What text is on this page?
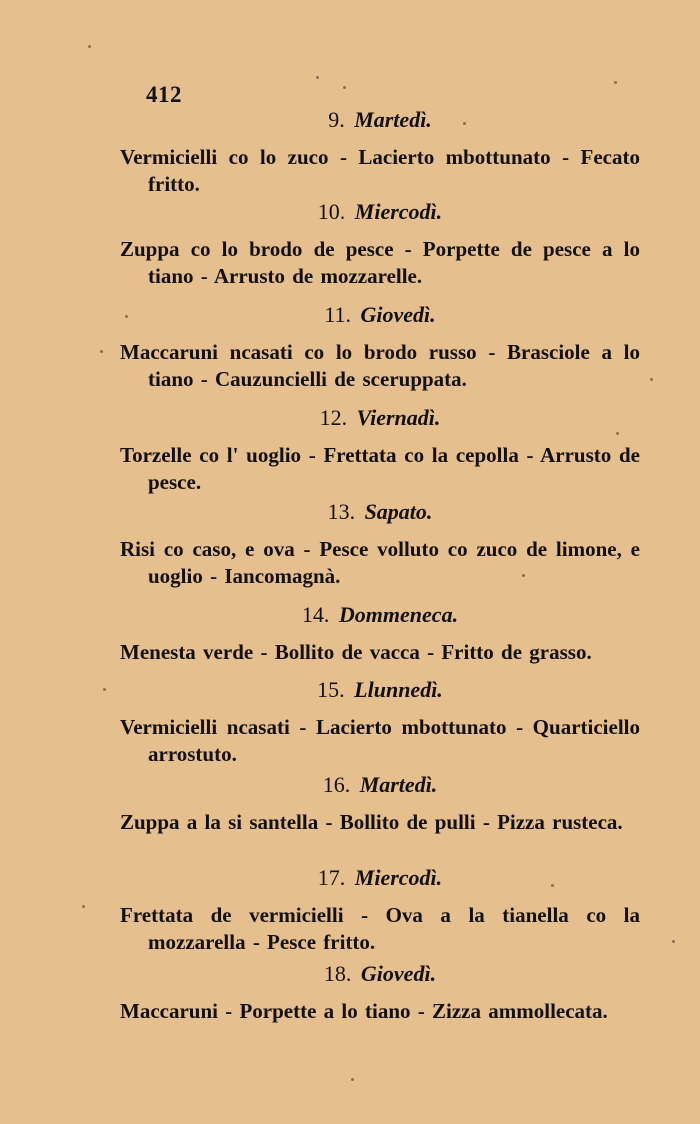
412
9. Martedì.

Vermicielli co lo zuco - Lacierto mbottunato - Fecato fritto.

10. Miercodì.

Zuppa co lo brodo de pesce - Porpette de pesce a lo tiano - Arrusto de mozzarelle.

11. Giovedì.

Maccaruni ncasati co lo brodo russo - Brasciole a lo tiano - Cauzuncielli de sceruppata.

12. Viernadì.

Torzelle co l' uoglio - Frettata co la cepolla - Arrusto de pesce.

13. Sapato.

Risi co caso, e ova - Pesce volluto co zuco de limone, e uoglio - Iancomagnà.

14. Dommeneca.

Menesta verde - Bollito de vacca - Fritto de grasso.

15. Llunnedì.

Vermicielli ncasati - Lacierto mbottunato - Quarticiello arrostuto.

16. Martedì.

Zuppa a la si santella - Bollito de pulli - Pizza rusteca.

17. Miercodì.

Frettata de vermicielli - Ova a la tianella co la mozzarella - Pesce fritto.

18. Giovedì.

Maccaruni - Porpette a lo tiano - Zizza ammollecata.
